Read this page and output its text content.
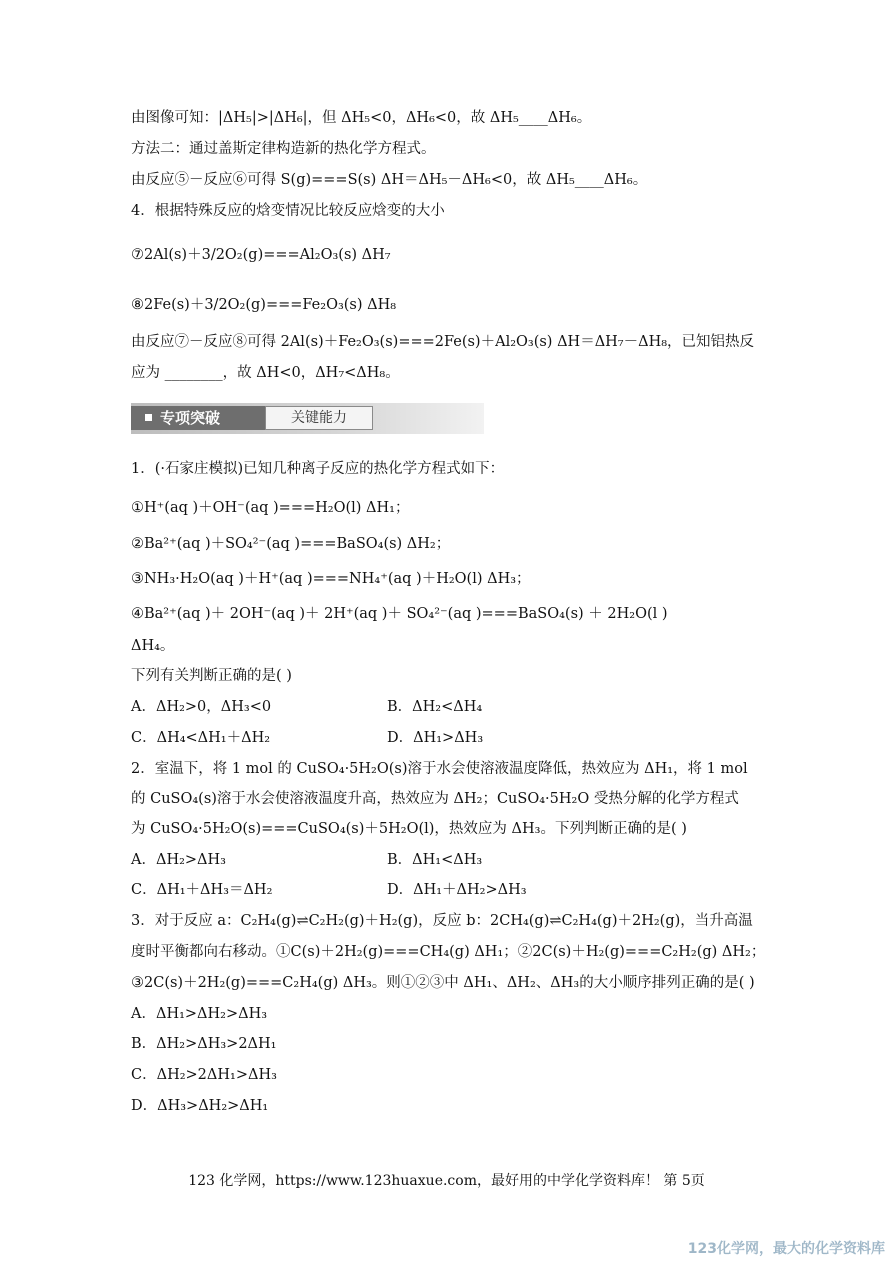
由图像可知：|ΔH₅|>|ΔH₆|，但 ΔH₅<0，ΔH₆<0，故 ΔH₅____ΔH₆。
方法二：通过盖斯定律构造新的热化学方程式。
由反应⑤－反应⑥可得 S(g)===S(s) ΔH＝ΔH₅－ΔH₆<0，故 ΔH₅____ΔH₆。
4．根据特殊反应的焓变情况比较反应焓变的大小
⑦2Al(s)＋3/2O₂(g)===Al₂O₃(s) ΔH₇
⑧2Fe(s)＋3/2O₂(g)===Fe₂O₃(s) ΔH₈
由反应⑦－反应⑧可得 2Al(s)＋Fe₂O₃(s)===2Fe(s)＋Al₂O₃(s) ΔH＝ΔH₇－ΔH₈，已知铝热反
应为 ________，故 ΔH<0，ΔH₇<ΔH₈。
专项突破	关键能力
1．(·石家庄模拟)已知几种离子反应的热化学方程式如下：
①H⁺(aq )＋OH⁻(aq )===H₂O(l) ΔH₁；
②Ba²⁺(aq )＋SO₄²⁻(aq )===BaSO₄(s) ΔH₂；
③NH₃·H₂O(aq )＋H⁺(aq )===NH₄⁺(aq )＋H₂O(l) ΔH₃；
④Ba²⁺(aq )＋ 2OH⁻(aq )＋ 2H⁺(aq )＋ SO₄²⁻(aq )===BaSO₄(s) ＋ 2H₂O(l )
ΔH₄。
下列有关判断正确的是( )
A．ΔH₂>0，ΔH₃<0	B．ΔH₂<ΔH₄
C．ΔH₄<ΔH₁＋ΔH₂	D．ΔH₁>ΔH₃
2．室温下，将 1 mol 的 CuSO₄·5H₂O(s)溶于水会使溶液温度降低，热效应为 ΔH₁，将 1 mol
的 CuSO₄(s)溶于水会使溶液温度升高，热效应为 ΔH₂；CuSO₄·5H₂O 受热分解的化学方程式
为 CuSO₄·5H₂O(s)===CuSO₄(s)＋5H₂O(l)，热效应为 ΔH₃。下列判断正确的是( )
A．ΔH₂>ΔH₃	B．ΔH₁<ΔH₃
C．ΔH₁＋ΔH₃＝ΔH₂	D．ΔH₁＋ΔH₂>ΔH₃
3．对于反应 a：C₂H₄(g)⇌C₂H₂(g)＋H₂(g)，反应 b：2CH₄(g)⇌C₂H₄(g)＋2H₂(g)，当升高温
度时平衡都向右移动。①C(s)＋2H₂(g)===CH₄(g) ΔH₁；②2C(s)＋H₂(g)===C₂H₂(g) ΔH₂；
③2C(s)＋2H₂(g)===C₂H₄(g) ΔH₃。则①②③中 ΔH₁、ΔH₂、ΔH₃的大小顺序排列正确的是( )
A．ΔH₁>ΔH₂>ΔH₃
B．ΔH₂>ΔH₃>2ΔH₁
C．ΔH₂>2ΔH₁>ΔH₃
D．ΔH₃>ΔH₂>ΔH₁
123 化学网，https://www.123huaxue.com，最好用的中学化学资料库！ 第 5页
123化学网，最大的化学资料库
